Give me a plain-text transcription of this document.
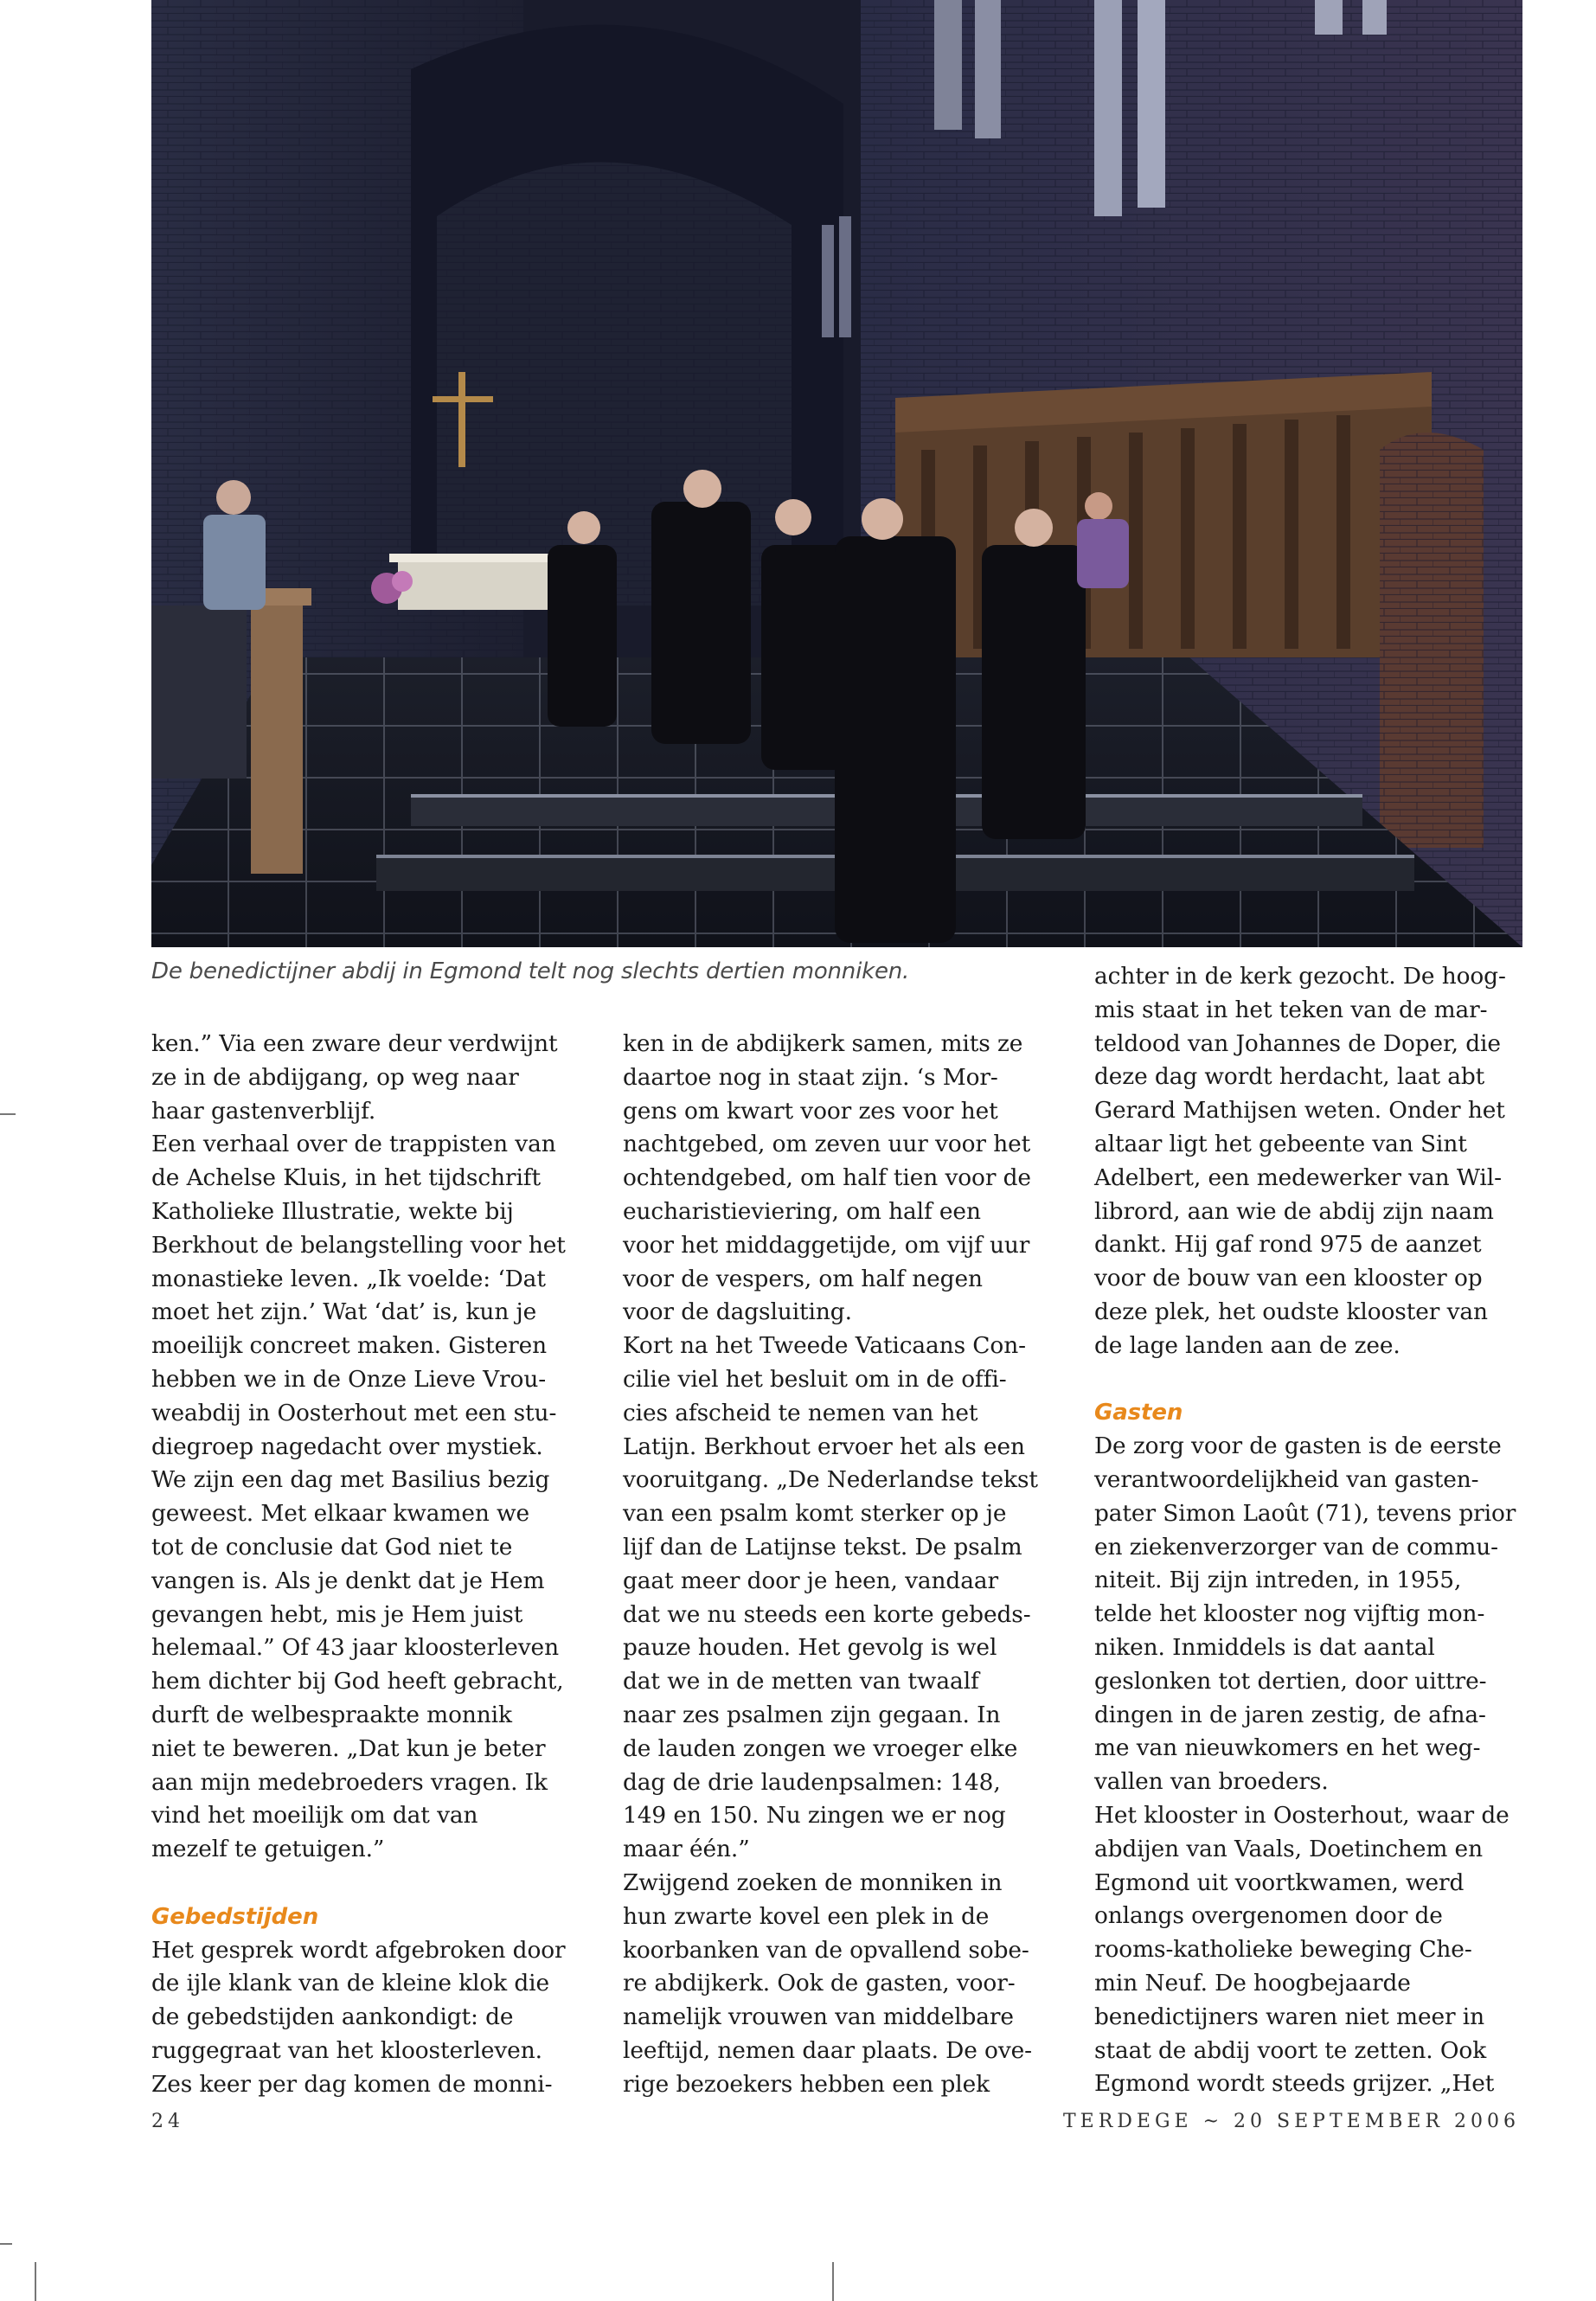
De benedictijner abdij in Egmond telt nog slechts dertien monniken.
ken.” Via een zware deur verdwijnt
ze in de abdijgang, op weg naar
haar gastenverblijf.
Een verhaal over de trappisten van
de Achelse Kluis, in het tijdschrift
Katholieke Illustratie, wekte bij
Berkhout de belangstelling voor het
monastieke leven. „Ik voelde: ‘Dat
moet het zijn.’ Wat ‘dat’ is, kun je
moeilijk concreet maken. Gisteren
hebben we in de Onze Lieve Vrou-
weabdij in Oosterhout met een stu-
diegroep nagedacht over mystiek.
We zijn een dag met Basilius bezig
geweest. Met elkaar kwamen we
tot de conclusie dat God niet te
vangen is. Als je denkt dat je Hem
gevangen hebt, mis je Hem juist
helemaal.” Of 43 jaar kloosterleven
hem dichter bij God heeft gebracht,
durft de welbespraakte monnik
niet te beweren. „Dat kun je beter
aan mijn medebroeders vragen. Ik
vind het moeilijk om dat van
mezelf te getuigen.”
Gebedstijden
Het gesprek wordt afgebroken door
de ijle klank van de kleine klok die
de gebedstijden aankondigt: de
ruggegraat van het kloosterleven.
Zes keer per dag komen de monni-
ken in de abdijkerk samen, mits ze
daartoe nog in staat zijn. ‘s Mor-
gens om kwart voor zes voor het
nachtgebed, om zeven uur voor het
ochtendgebed, om half tien voor de
eucharistieviering, om half een
voor het middaggetijde, om vijf uur
voor de vespers, om half negen
voor de dagsluiting.
Kort na het Tweede Vaticaans Con-
cilie viel het besluit om in de offi-
cies afscheid te nemen van het
Latijn. Berkhout ervoer het als een
vooruitgang. „De Nederlandse tekst
van een psalm komt sterker op je
lijf dan de Latijnse tekst. De psalm
gaat meer door je heen, vandaar
dat we nu steeds een korte gebeds-
pauze houden. Het gevolg is wel
dat we in de metten van twaalf
naar zes psalmen zijn gegaan. In
de lauden zongen we vroeger elke
dag de drie laudenpsalmen: 148,
149 en 150. Nu zingen we er nog
maar één.”
Zwijgend zoeken de monniken in
hun zwarte kovel een plek in de
koorbanken van de opvallend sobe-
re abdijkerk. Ook de gasten, voor-
namelijk vrouwen van middelbare
leeftijd, nemen daar plaats. De ove-
rige bezoekers hebben een plek
achter in de kerk gezocht. De hoog-
mis staat in het teken van de mar-
teldood van Johannes de Doper, die
deze dag wordt herdacht, laat abt
Gerard Mathijsen weten. Onder het
altaar ligt het gebeente van Sint
Adelbert, een medewerker van Wil-
librord, aan wie de abdij zijn naam
dankt. Hij gaf rond 975 de aanzet
voor de bouw van een klooster op
deze plek, het oudste klooster van
de lage landen aan de zee.
Gasten
De zorg voor de gasten is de eerste
verantwoordelijkheid van gasten-
pater Simon Laoût (71), tevens prior
en ziekenverzorger van de commu-
niteit. Bij zijn intreden, in 1955,
telde het klooster nog vijftig mon-
niken. Inmiddels is dat aantal
geslonken tot dertien, door uittre-
dingen in de jaren zestig, de afna-
me van nieuwkomers en het weg-
vallen van broeders.
Het klooster in Oosterhout, waar de
abdijen van Vaals, Doetinchem en
Egmond uit voortkwamen, werd
onlangs overgenomen door de
rooms-katholieke beweging Che-
min Neuf. De hoogbejaarde
benedictijners waren niet meer in
staat de abdij voort te zetten. Ook
Egmond wordt steeds grijzer. „Het
24	TERDEGE ~ 20 SEPTEMBER 2006
